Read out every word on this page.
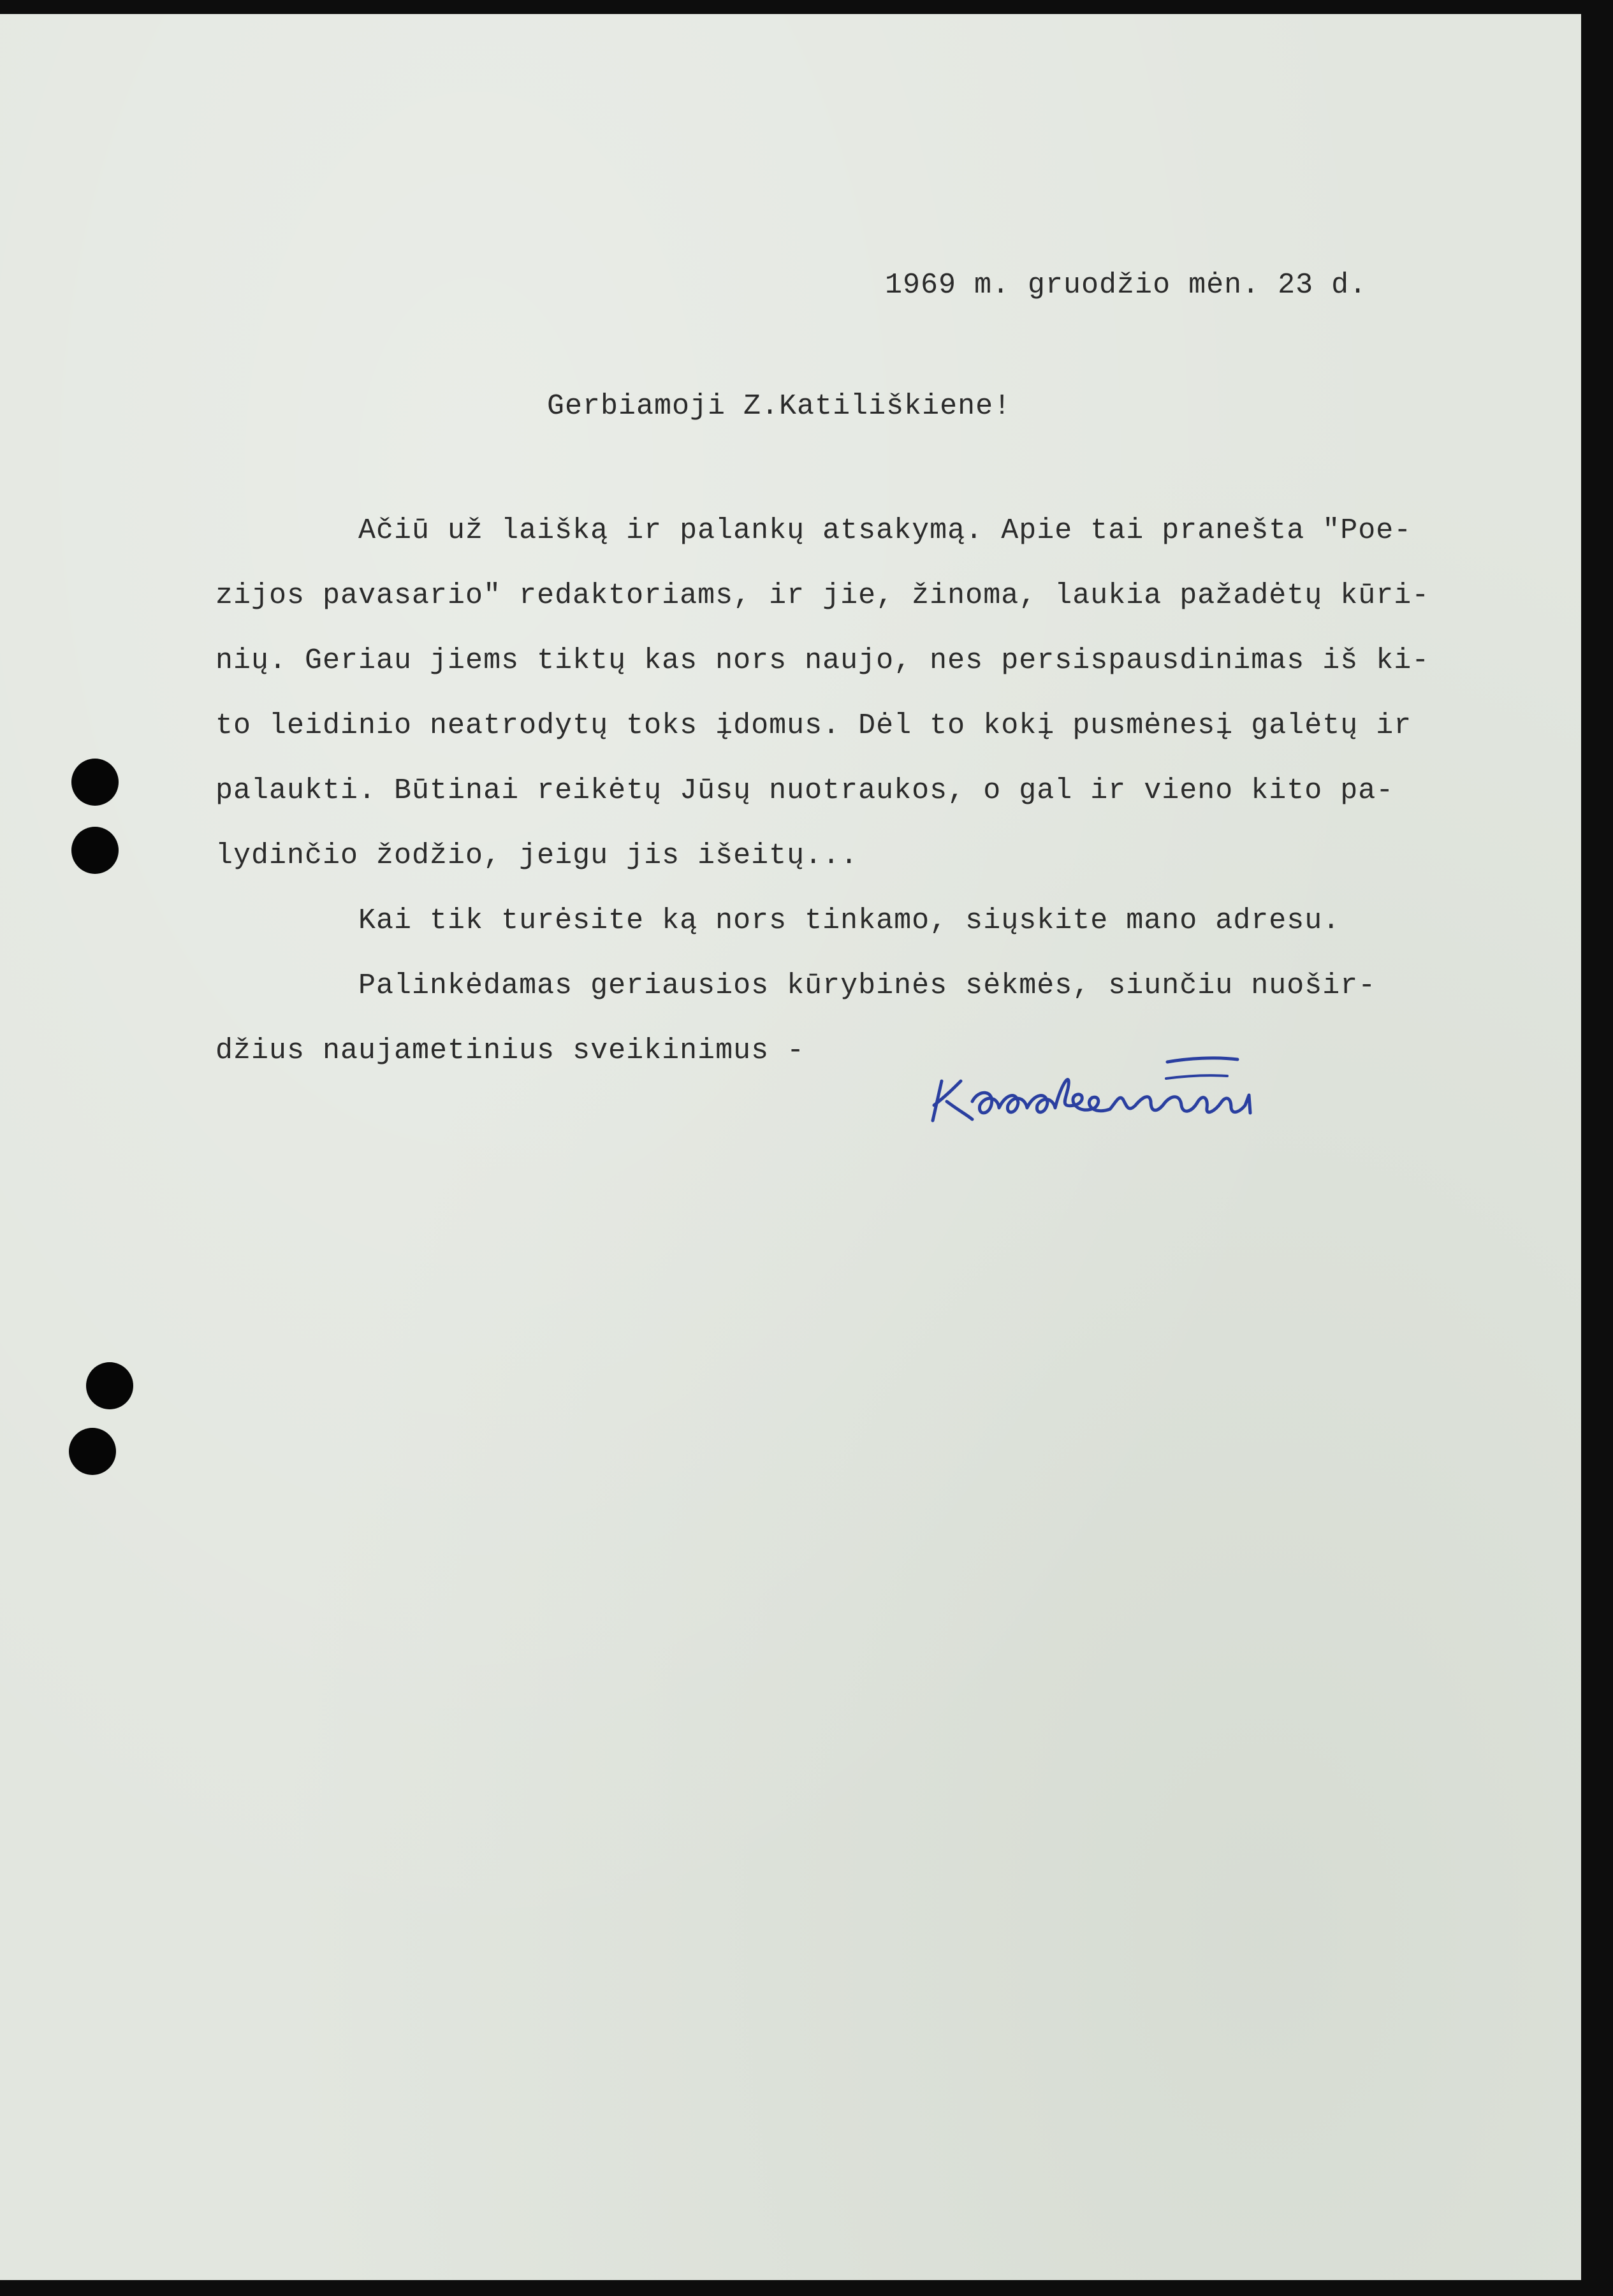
1969 m. gruodžio mėn. 23 d.
Gerbiamoji Z.Katiliškiene!
Ačiū už laišką ir palankų atsakymą. Apie tai pranešta "Poe-
zijos pavasario" redaktoriams, ir jie, žinoma, laukia pažadėtų kūri-
nių. Geriau jiems tiktų kas nors naujo, nes persispausdinimas iš ki-
to leidinio neatrodytų toks įdomus. Dėl to kokį pusmėnesį galėtų ir
palaukti. Būtinai reikėtų Jūsų nuotraukos, o gal ir vieno kito pa-
lydinčio žodžio, jeigu jis išeitų...
Kai tik turėsite ką nors tinkamo, siųskite mano adresu.
Palinkėdamas geriausios kūrybinės sėkmės, siunčiu nuošir-
džius naujametinius sveikinimus -
